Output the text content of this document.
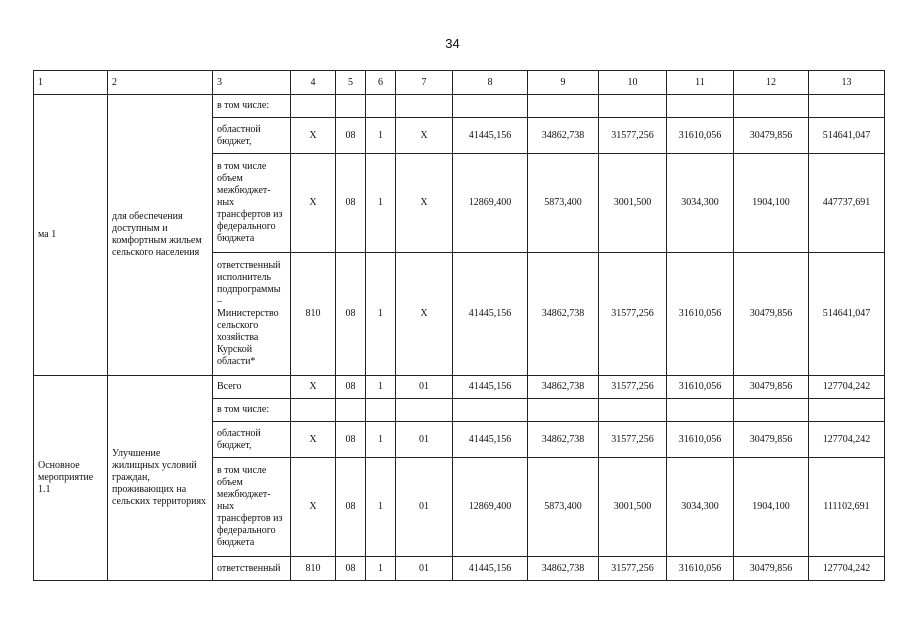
34
1	2	3	4	5	6	7	8	9	10	11	12	13
ма 1	для обеспечения доступным и комфортным жильем сельского населения	в том числе:										
		областной бюджет,	X	08	1	X	41445,156	34862,738	31577,256	31610,056	30479,856	514641,047
		в том числе объем межбюджет-ных трансфертов из федерального бюджета	X	08	1	X	12869,400	5873,400	3001,500	3034,300	1904,100	447737,691
		ответственный исполнитель подпрограммы – Министерство сельского хозяйства Курской области*	810	08	1	X	41445,156	34862,738	31577,256	31610,056	30479,856	514641,047
Основное мероприятие 1.1	Улучшение жилищных условий граждан, проживающих на сельских территориях	Всего	X	08	1	01	41445,156	34862,738	31577,256	31610,056	30479,856	127704,242
		в том числе:										
		областной бюджет,	X	08	1	01	41445,156	34862,738	31577,256	31610,056	30479,856	127704,242
		в том числе объем межбюджет-ных трансфертов из федерального бюджета	X	08	1	01	12869,400	5873,400	3001,500	3034,300	1904,100	111102,691
		ответственный	810	08	1	01	41445,156	34862,738	31577,256	31610,056	30479,856	127704,242
